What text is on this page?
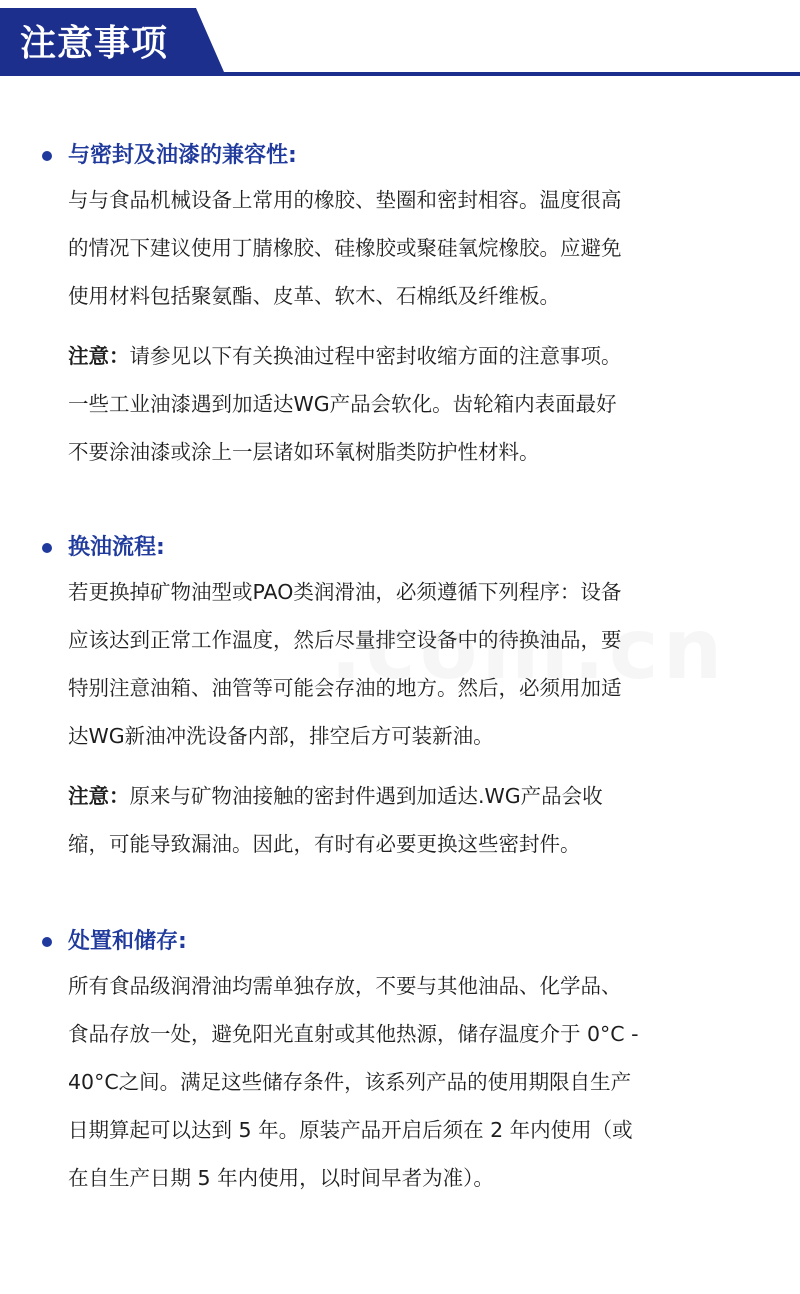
注意事项
与密封及油漆的兼容性:

与与食品机械设备上常用的橡胶、垫圈和密封相容。温度很高
的情况下建议使用丁腈橡胶、硅橡胶或聚硅氧烷橡胶。应避免
使用材料包括聚氨酯、皮革、软木、石棉纸及纤维板。

注意：请参见以下有关换油过程中密封收缩方面的注意事项。
一些工业油漆遇到加适达WG产品会软化。齿轮箱内表面最好
不要涂油漆或涂上一层诸如环氧树脂类防护性材料。

换油流程:

若更换掉矿物油型或PAO类润滑油，必须遵循下列程序：设备
应该达到正常工作温度，然后尽量排空设备中的待换油品，要
特别注意油箱、油管等可能会存油的地方。然后，必须用加适
达WG新油冲洗设备内部，排空后方可装新油。

注意：原来与矿物油接触的密封件遇到加适达.WG产品会收
缩，可能导致漏油。因此，有时有必要更换这些密封件。

处置和储存:

所有食品级润滑油均需单独存放，不要与其他油品、化学品、
食品存放一处，避免阳光直射或其他热源，储存温度介于 0°C -
40°C之间。满足这些储存条件，该系列产品的使用期限自生产
日期算起可以达到 5 年。原装产品开启后须在 2 年内使用（或
在自生产日期 5 年内使用，以时间早者为准）。
